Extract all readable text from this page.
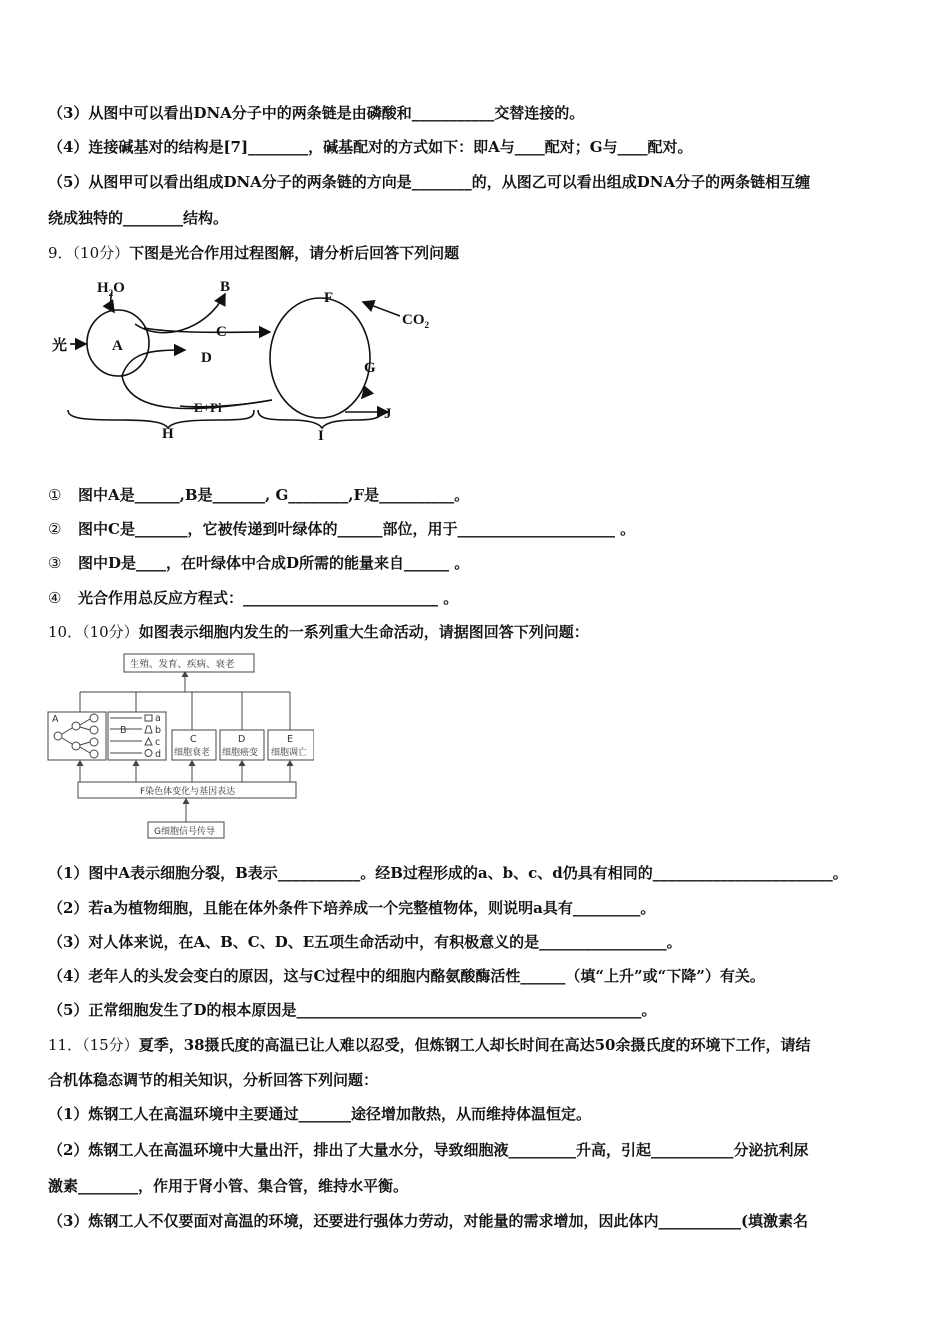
（3）从图中可以看出DNA分子中的两条链是由磷酸和___________交替连接的。
（4）连接碱基对的结构是[7]________，碱基配对的方式如下：即A与____配对；G与____配对。
（5）从图甲可以看出组成DNA分子的两条链的方向是________的，从图乙可以看出组成DNA分子的两条链相互缠
绕成独特的________结构。
9．（10分）下图是光合作用过程图解，请分析后回答下列问题
$H_2O$	B
光	A
C
D
E+Pi
F
$CO_2$
G
J
H	I
① 图中A是______,B是_______, G________,F是__________。
② 图中C是_______，它被传递到叶绿体的______部位，用于_____________________ 。
③ 图中D是____，在叶绿体中合成D所需的能量来自______ 。
④ 光合作用总反应方程式：__________________________ 。
10．（10分）如图表示细胞内发生的一系列重大生命活动，请据图回答下列问题：
生殖、发育、疾病、衰老
A
B
a
b
c
d
C
细胞衰老
D
细胞癌变
E
细胞凋亡
F染色体变化与基因表达
G细胞信号传导
（1）图中A表示细胞分裂，B表示___________。经B过程形成的a、b、c、d仍具有相同的________________________。
（2）若a为植物细胞，且能在体外条件下培养成一个完整植物体，则说明a具有_________。
（3）对人体来说，在A、B、C、D、E五项生命活动中，有积极意义的是_________________。
（4）老年人的头发会变白的原因，这与C过程中的细胞内酪氨酸酶活性______（填“上升”或“下降”）有关。
（5）正常细胞发生了D的根本原因是______________________________________________。
11．（15分）夏季，38摄氏度的高温已让人难以忍受，但炼钢工人却长时间在高达50余摄氏度的环境下工作，请结
合机体稳态调节的相关知识，分析回答下列问题：
（1）炼钢工人在高温环境中主要通过_______途径增加散热，从而维持体温恒定。
（2）炼钢工人在高温环境中大量出汗，排出了大量水分，导致细胞液_________升高，引起___________分泌抗利尿
激素________，作用于肾小管、集合管，维持水平衡。
（3）炼钢工人不仅要面对高温的环境，还要进行强体力劳动，对能量的需求增加，因此体内___________(填激素名
